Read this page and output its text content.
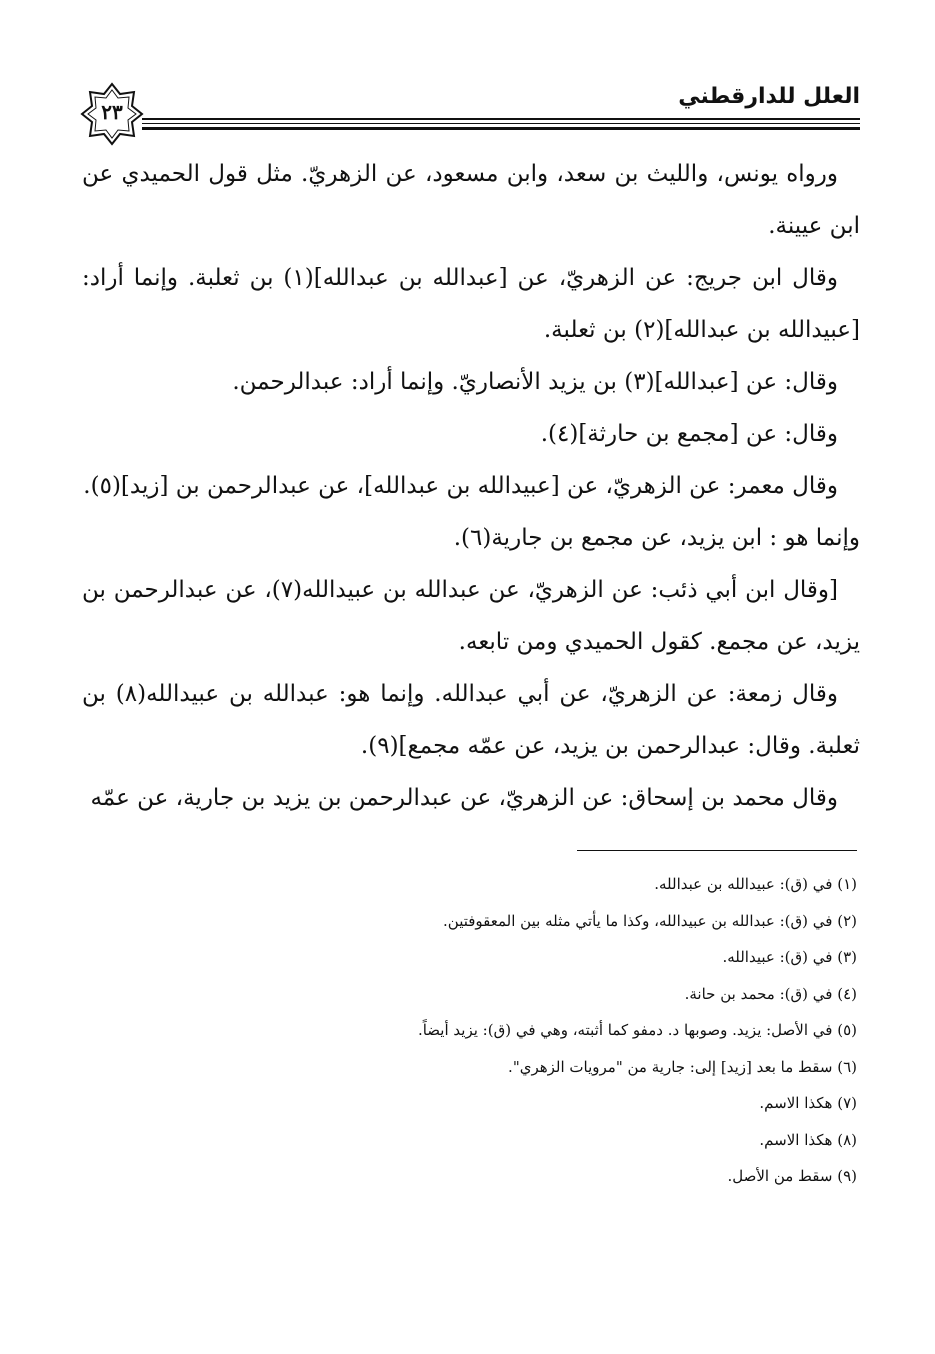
العلل للدارقطني
٢٣

ورواه يونس، والليث بن سعد، وابن مسعود، عن الزهريّ. مثل قول الحميدي عن ابن عيينة.

وقال ابن جريج: عن الزهريّ، عن [عبدالله بن عبدالله](١) بن ثعلبة. وإنما أراد: [عبيدالله بن عبدالله](٢) بن ثعلبة.

وقال: عن [عبدالله](٣) بن يزيد الأنصاريّ. وإنما أراد: عبدالرحمن.

وقال: عن [مجمع بن حارثة](٤).

وقال معمر: عن الزهريّ، عن [عبيدالله بن عبدالله]، عن عبدالرحمن بن [زيد](٥).

وإنما هو : ابن يزيد، عن مجمع بن جارية(٦).

[وقال ابن أبي ذئب: عن الزهريّ، عن عبدالله بن عبيدالله(٧)، عن عبدالرحمن بن يزيد، عن مجمع. كقول الحميدي ومن تابعه.

وقال زمعة: عن الزهريّ، عن أبي عبدالله. وإنما هو: عبدالله بن عبيدالله(٨) بن ثعلبة. وقال: عبدالرحمن بن يزيد، عن عمّه مجمع](٩).

وقال محمد بن إسحاق: عن الزهريّ، عن عبدالرحمن بن يزيد بن جارية، عن عمّه

(١) في (ق): عبيدالله بن عبدالله.

(٢) في (ق): عبدالله بن عبيدالله، وكذا ما يأتي مثله بين المعقوفتين.

(٣) في (ق): عبيدالله.

(٤) في (ق): محمد بن حانة.

(٥) في الأصل: يزيد. وصوبها د. دمفو كما أثبته، وهي في (ق): يزيد أيضاً.

(٦) سقط ما بعد [زيد] إلى: جارية من "مرويات الزهري".

(٧) هكذا الاسم.

(٨) هكذا الاسم.

(٩) سقط من الأصل.
